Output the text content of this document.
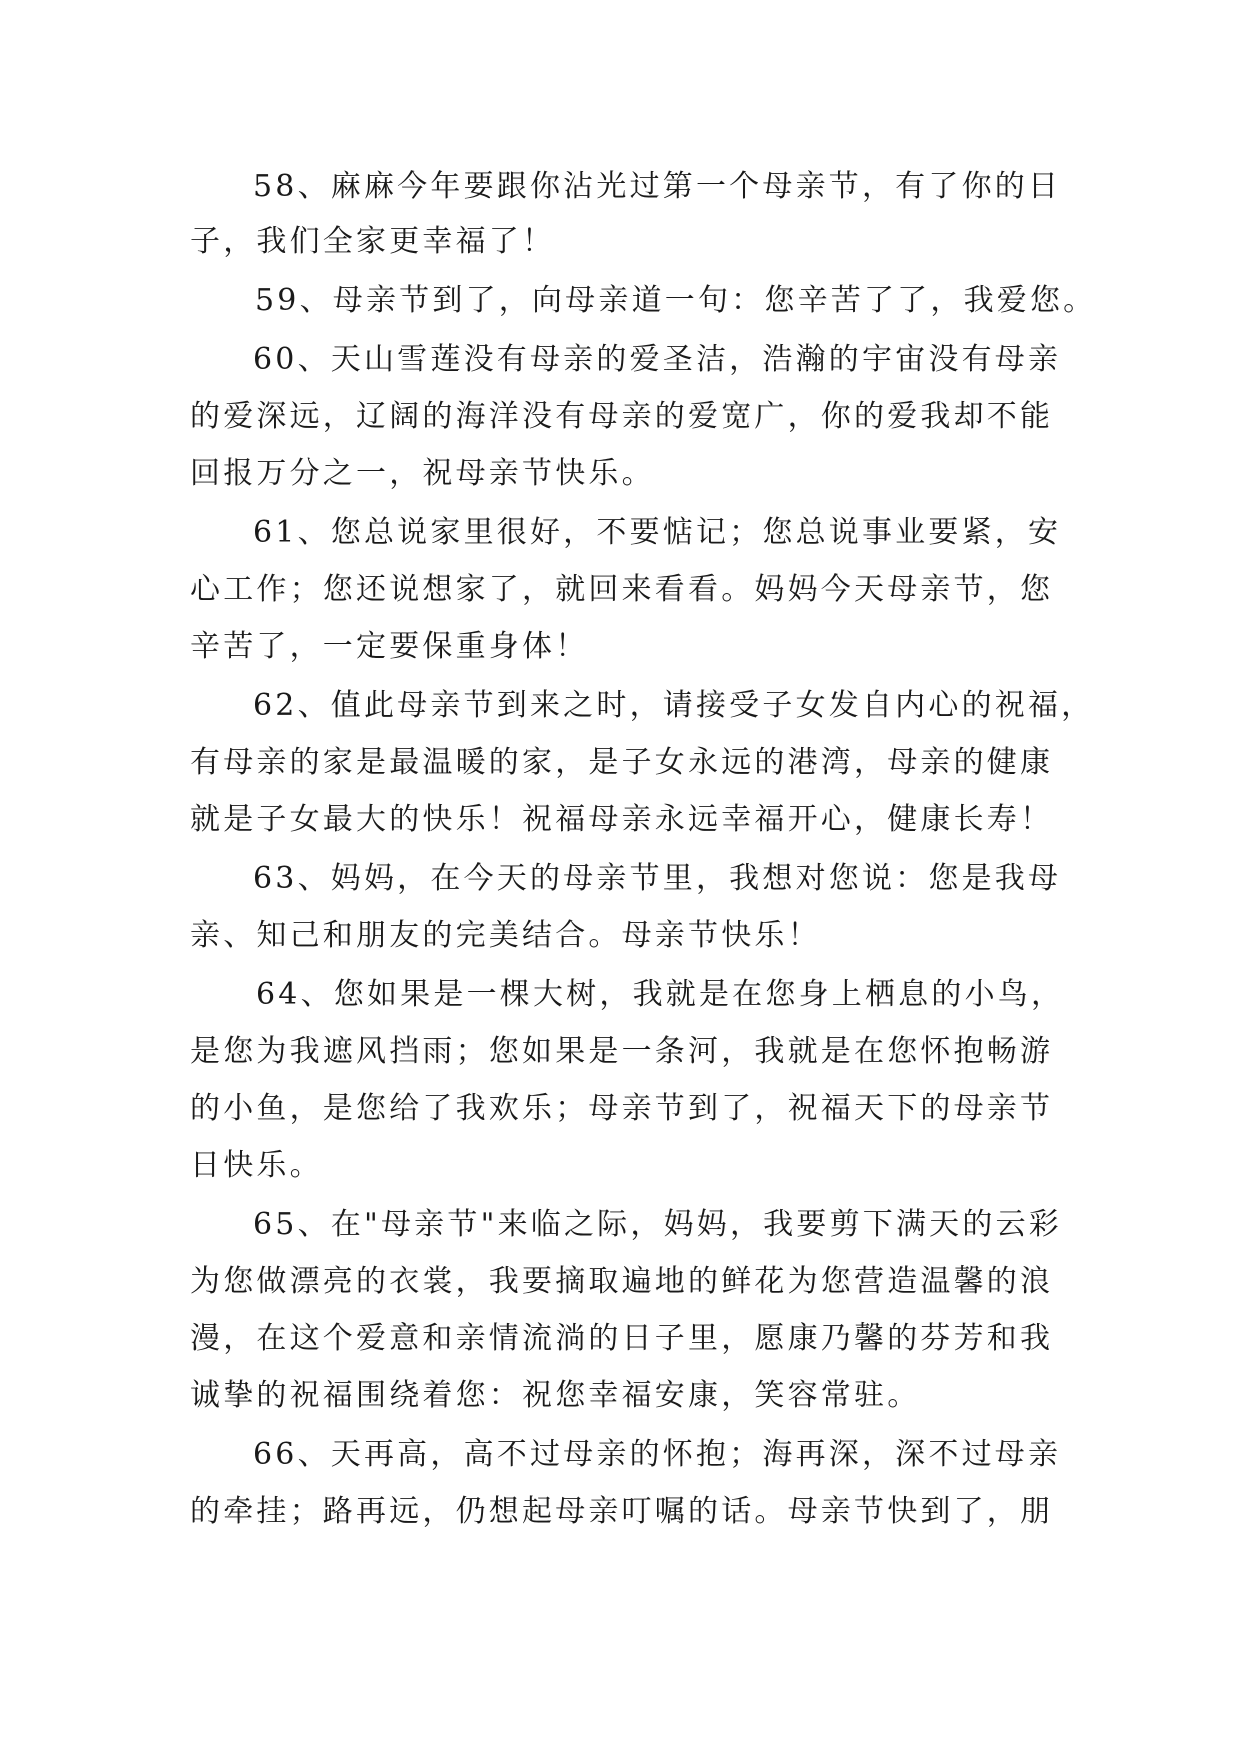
58、麻麻今年要跟你沾光过第一个母亲节，有了你的日

子，我们全家更幸福了！

59、母亲节到了，向母亲道一句：您辛苦了了，我爱您。

60、天山雪莲没有母亲的爱圣洁，浩瀚的宇宙没有母亲

的爱深远，辽阔的海洋没有母亲的爱宽广，你的爱我却不能

回报万分之一，祝母亲节快乐。

61、您总说家里很好，不要惦记；您总说事业要紧，安

心工作；您还说想家了，就回来看看。妈妈今天母亲节，您

辛苦了，一定要保重身体！

62、值此母亲节到来之时，请接受子女发自内心的祝福，

有母亲的家是最温暖的家，是子女永远的港湾，母亲的健康

就是子女最大的快乐！祝福母亲永远幸福开心，健康长寿！

63、妈妈，在今天的母亲节里，我想对您说：您是我母

亲、知己和朋友的完美结合。母亲节快乐！

64、您如果是一棵大树，我就是在您身上栖息的小鸟，

是您为我遮风挡雨；您如果是一条河，我就是在您怀抱畅游

的小鱼，是您给了我欢乐；母亲节到了，祝福天下的母亲节

日快乐。

65、在"母亲节"来临之际，妈妈，我要剪下满天的云彩

为您做漂亮的衣裳，我要摘取遍地的鲜花为您营造温馨的浪

漫，在这个爱意和亲情流淌的日子里，愿康乃馨的芬芳和我

诚挚的祝福围绕着您：祝您幸福安康，笑容常驻。

66、天再高，高不过母亲的怀抱；海再深，深不过母亲

的牵挂；路再远，仍想起母亲叮嘱的话。母亲节快到了，朋
